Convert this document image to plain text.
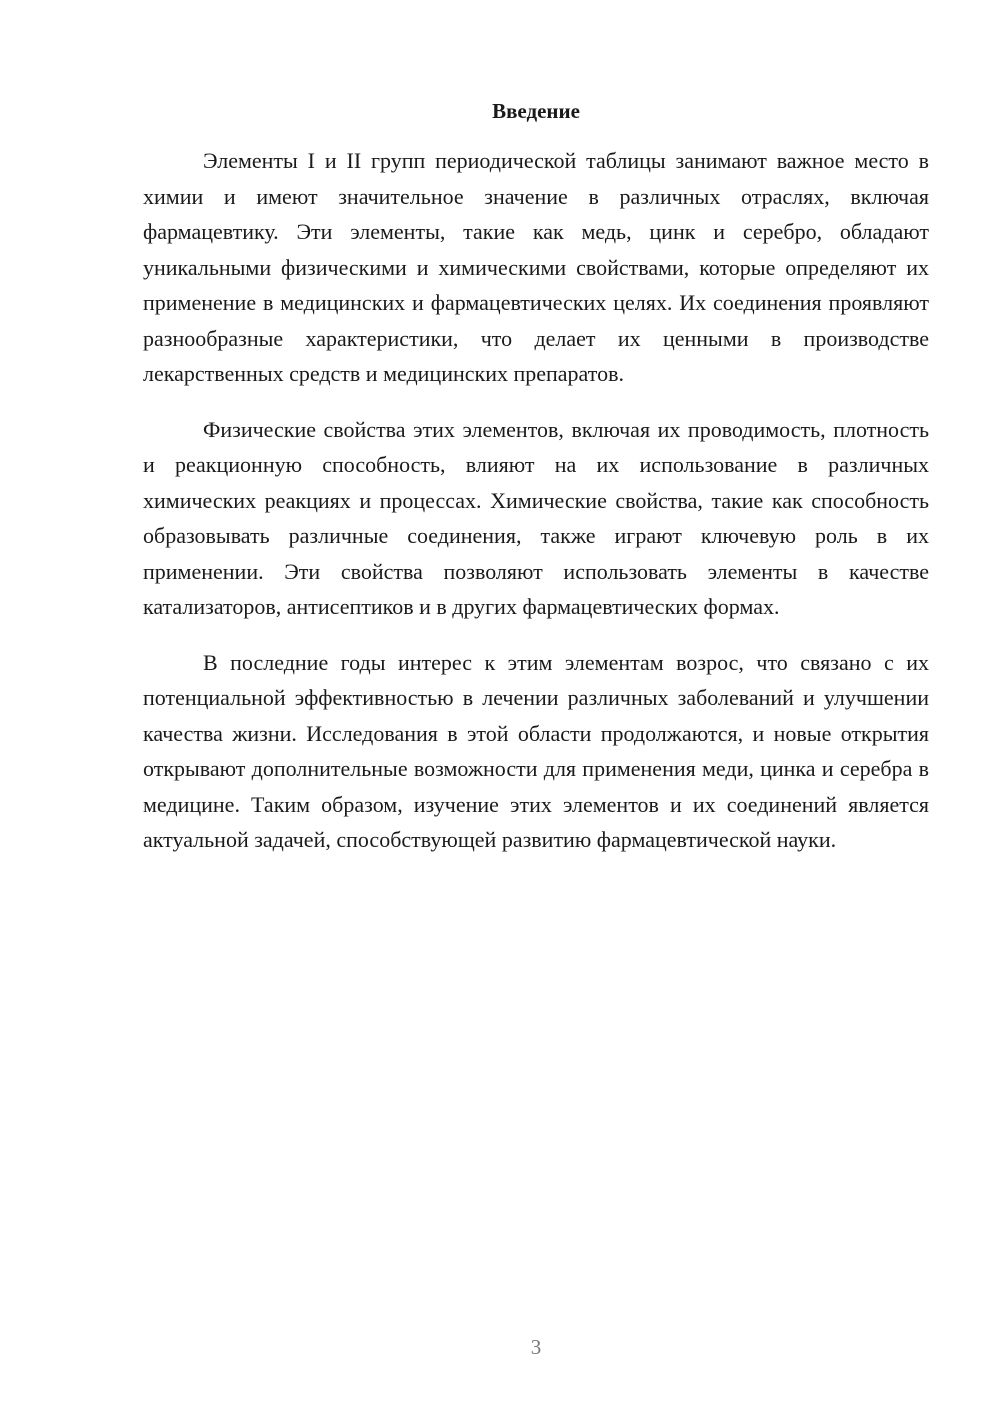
Введение

Элементы I и II групп периодической таблицы занимают важное место в химии и имеют значительное значение в различных отраслях, включая фармацевтику. Эти элементы, такие как медь, цинк и серебро, обладают уникальными физическими и химическими свойствами, которые определяют их применение в медицинских и фармацевтических целях. Их соединения проявляют разнообразные характеристики, что делает их ценными в производстве лекарственных средств и медицинских препаратов.

Физические свойства этих элементов, включая их проводимость, плотность и реакционную способность, влияют на их использование в различных химических реакциях и процессах. Химические свойства, такие как способность образовывать различные соединения, также играют ключевую роль в их применении. Эти свойства позволяют использовать элементы в качестве катализаторов, антисептиков и в других фармацевтических формах.

В последние годы интерес к этим элементам возрос, что связано с их потенциальной эффективностью в лечении различных заболеваний и улучшении качества жизни. Исследования в этой области продолжаются, и новые открытия открывают дополнительные возможности для применения меди, цинка и серебра в медицине. Таким образом, изучение этих элементов и их соединений является актуальной задачей, способствующей развитию фармацевтической науки.

3
